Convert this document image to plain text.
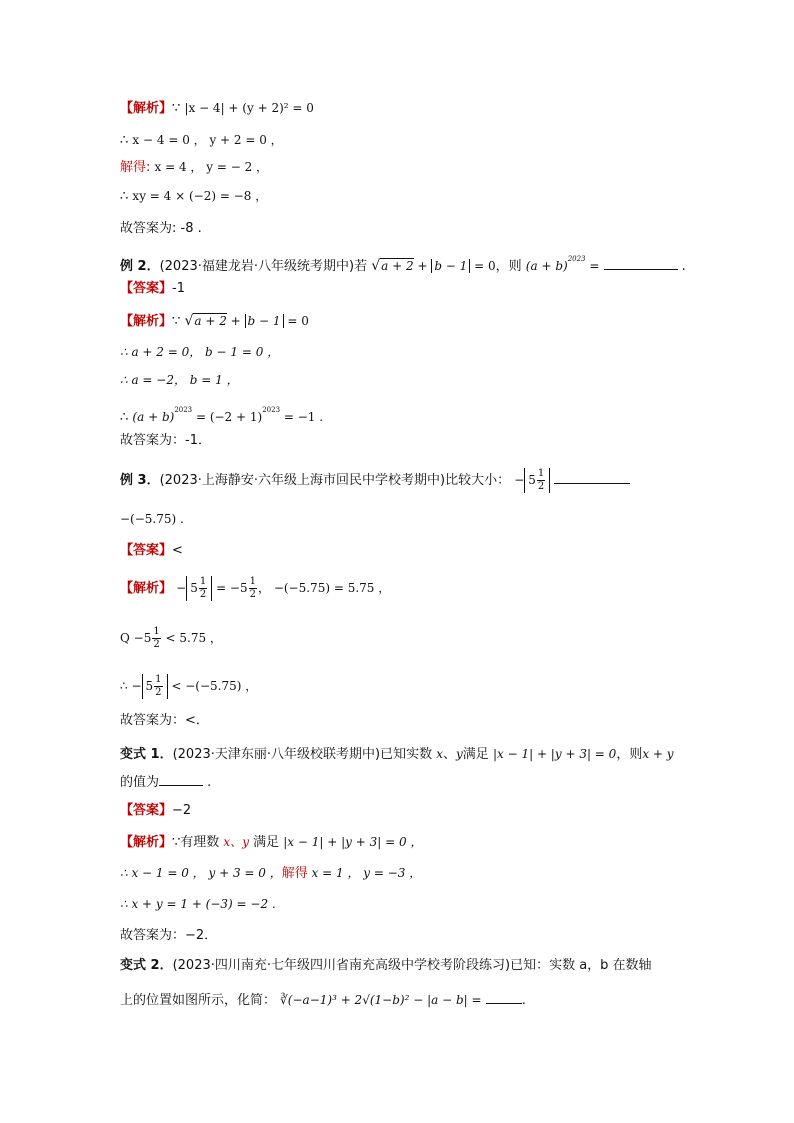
【解析】∵ |x − 4| + (y + 2)² = 0
∴ x − 4 = 0 ， y + 2 = 0 ，
解得: x = 4 ， y = − 2 ，
∴ xy = 4 × (−2) = −8 ，
故答案为: -8 .
例 2．(2023·福建龙岩·八年级统考期中)若 √a + 2 + b − 1 = 0，则 $(a + b)^{2023}$ =	.
【答案】-1
【解析】∵ √a + 2 + b − 1 = 0
∴ a + 2 = 0， b − 1 = 0 ，
∴ a = −2， b = 1 ，
∴ $(a + b)^{2023} = (-2 + 1)^{2023} = -1$ .
故答案为：-1．
例 3．(2023·上海静安·六年级上海市回民中学校考期中)比较大小： − $5 \frac{1}{2}$

−(−5.75) .
【答案】<
【解析】 − $5 \frac{1}{2} = -5 \frac{1}{2}$ ， −(−5.75) = 5.75 ，
$Q -5 \frac{1}{2} < 5.75$ ，
∴ − $5 \frac{1}{2} < -(-5.75)$ ，
故答案为：<．
变式 1．(2023·天津东丽·八年级校联考期中)已知实数 x、y满足 |x − 1| + |y + 3| = 0，则x + y
的值为	.
【答案】−2
【解析】∵有理数 x、y 满足 |x − 1| + |y + 3| = 0 ，
∴ x − 1 = 0 ， y + 3 = 0 ，解得 x = 1 ， y = −3 ，
∴ x + y = 1 + (−3) = −2 .
故答案为：−2．
变式 2．(2023·四川南充·七年级四川省南充高级中学校考阶段练习)已知：实数 a，b 在数轴
上的位置如图所示，化简： ∛(−a−1)³ + 2√(1−b)² − |a − b| =	.
